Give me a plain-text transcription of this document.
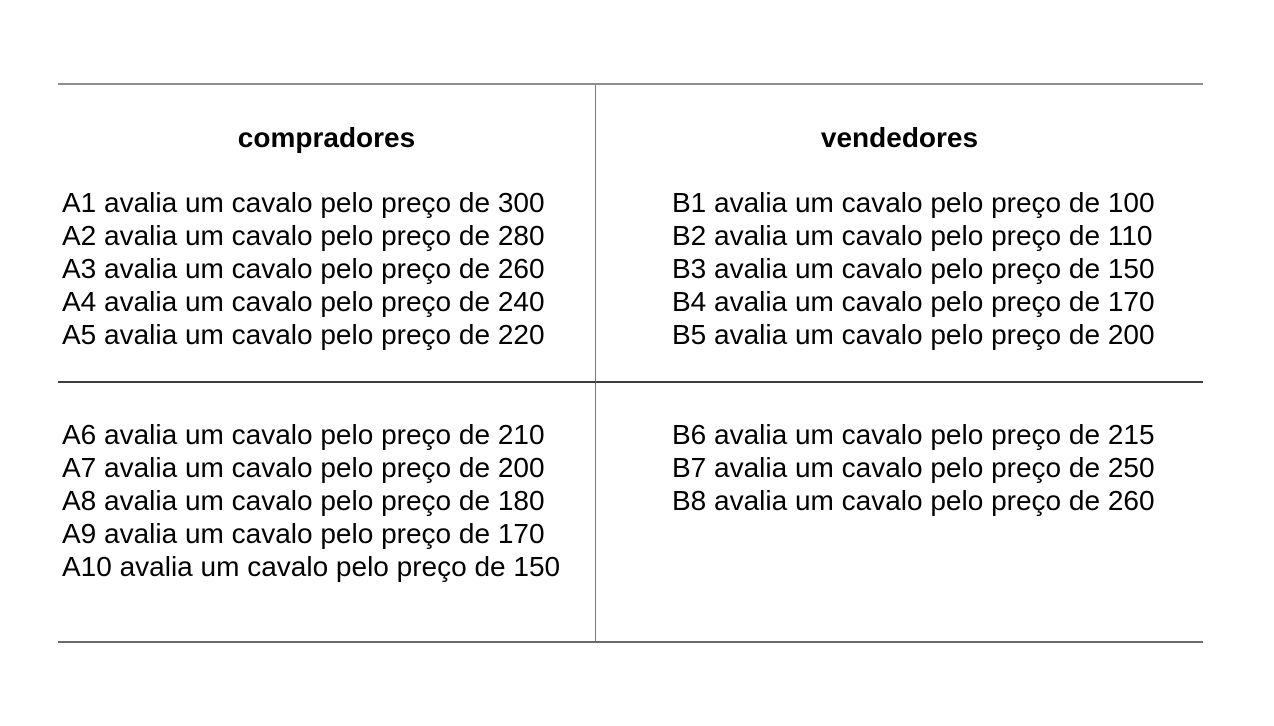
compradores
A1 avalia um cavalo pelo preço de 300
A2 avalia um cavalo pelo preço de 280
A3 avalia um cavalo pelo preço de 260
A4 avalia um cavalo pelo preço de 240
A5 avalia um cavalo pelo preço de 220
vendedores
B1 avalia um cavalo pelo preço de 100
B2 avalia um cavalo pelo preço de 110
B3 avalia um cavalo pelo preço de 150
B4 avalia um cavalo pelo preço de 170
B5 avalia um cavalo pelo preço de 200
A6 avalia um cavalo pelo preço de 210
A7 avalia um cavalo pelo preço de 200
A8 avalia um cavalo pelo preço de 180
A9 avalia um cavalo pelo preço de 170
A10 avalia um cavalo pelo preço de 150
B6 avalia um cavalo pelo preço de 215
B7 avalia um cavalo pelo preço de 250
B8 avalia um cavalo pelo preço de 260
